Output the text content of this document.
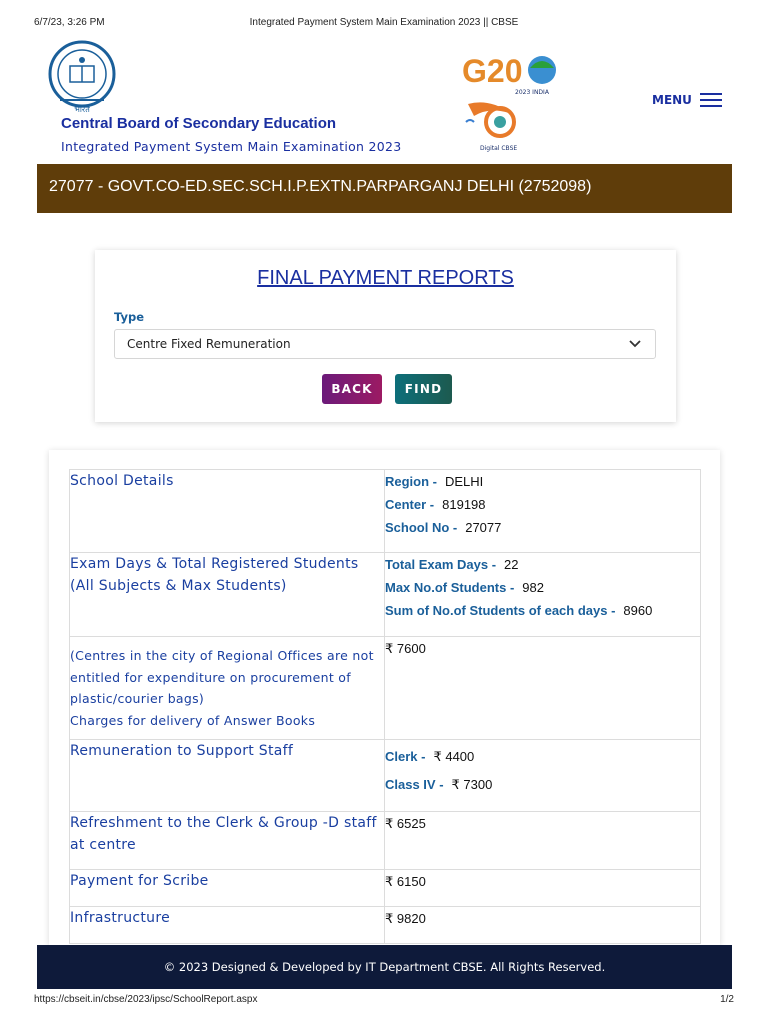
6/7/23, 3:26 PM	Integrated Payment System Main Examination 2023 || CBSE
भारत
Central Board of Secondary Education
Integrated Payment System Main Examination 2023
G20
2023 INDIA
Digital CBSE
MENU
27077 - GOVT.CO-ED.SEC.SCH.I.P.EXTN.PARPARGANJ DELHI (2752098)
FINAL PAYMENT REPORTS
Type
Centre Fixed Remuneration
BACK	FIND
School Details	Region - DELHI
Center - 819198
School No - 27077

Exam Days & Total Registered Students (All Subjects & Max Students)	Total Exam Days - 22
Max No.of Students - 982
Sum of No.of Students of each days - 8960

(Centres in the city of Regional Offices are not entitled for expenditure on procurement of plastic/courier bags)
Charges for delivery of Answer Books	₹ 7600
Remuneration to Support Staff	Clerk - ₹ 4400
Class IV - ₹ 7300

Refreshment to the Clerk & Group -D staff at centre	₹ 6525
Payment for Scribe	₹ 6150
Infrastructure	₹ 9820
© 2023 Designed & Developed by IT Department CBSE. All Rights Reserved.
https://cbseit.in/cbse/2023/ipsc/SchoolReport.aspx	1/2
